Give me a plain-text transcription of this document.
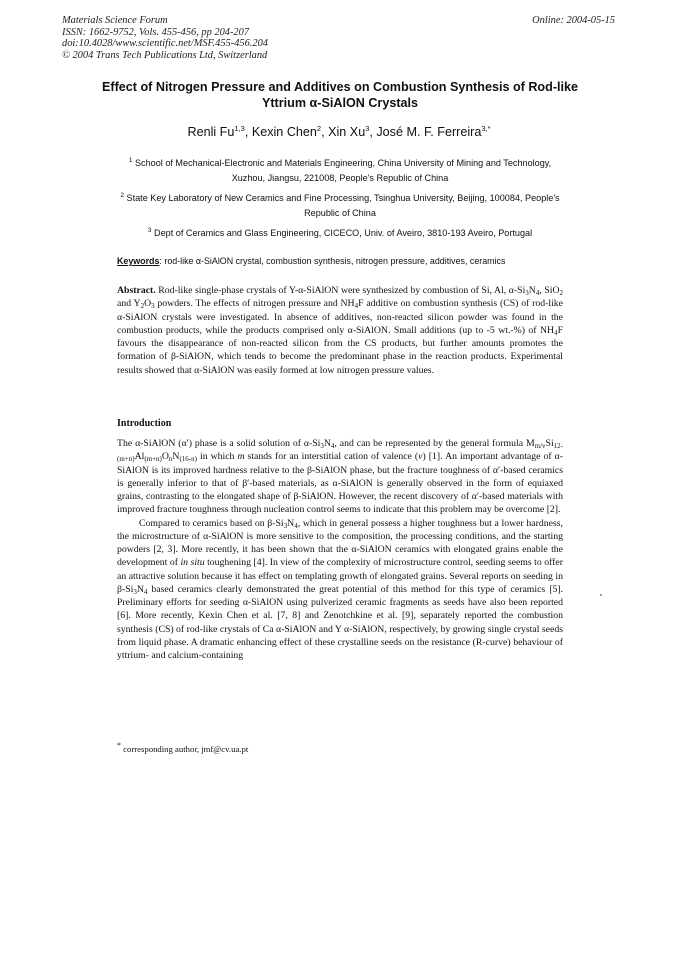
Materials Science Forum
ISSN: 1662-9752, Vols. 455-456, pp 204-207
doi:10.4028/www.scientific.net/MSF.455-456.204
© 2004 Trans Tech Publications Ltd, Switzerland
Online: 2004-05-15
Effect of Nitrogen Pressure and Additives on Combustion Synthesis of Rod-like Yttrium α-SiAlON Crystals
Renli Fu$^{1,3}$, Kexin Chen$^2$, Xin Xu$^3$, José M. F. Ferreira$^{3,*}$
$^1$ School of Mechanical-Electronic and Materials Engineering, China University of Mining and Technology, Xuzhou, Jiangsu, 221008, People's Republic of China
$^2$ State Key Laboratory of New Ceramics and Fine Processing, Tsinghua University, Beijing, 100084, People's Republic of China
$^3$ Dept of Ceramics and Glass Engineering, CICECO, Univ. of Aveiro, 3810-193 Aveiro, Portugal
Keywords: rod-like α-SiAlON crystal, combustion synthesis, nitrogen pressure, additives, ceramics
Abstract. Rod-like single-phase crystals of Y-α-SiAlON were synthesized by combustion of Si, Al, $\alpha-Si_3N_4$, SiO$_2$ and $Y_2O_3$ powders. The effects of nitrogen pressure and $NH_4F$ additive on combustion synthesis (CS) of rod-like α-SiAlON crystals were investigated. In absence of additives, non-reacted silicon powder was found in the combustion products, while the products comprised only α-SiAlON. Small additions (up to -5 wt.-%) of $NH_4F$ favours the disappearance of non-reacted silicon from the CS products, but further amounts promotes the formation of β-SiAlON, which tends to become the predominant phase in the reaction products. Experimental results showed that α-SiAlON was easily formed at low nitrogen pressure values.
Introduction

The α-SiAlON (α′) phase is a solid solution of $\alpha-Si_3N_4$, and can be represented by the general formula $M_{m/v}Si_{12-(m+n)}Al_{(m+n)}O_nN_{(16-n)}$ in which m stands for an interstitial cation of valence (v) [1]. An important advantage of α-SiAlON is its improved hardness relative to the β-SiAlON phase, but the fracture toughness of α′-based ceramics is generally inferior to that of β′-based materials, as α-SiAlON is generally observed in the form of equiaxed grains, contrasting to the elongated shape of β-SiAlON. However, the recent discovery of α′-based materials with improved fracture toughness through nucleation control seems to indicate that this problem may be overcome [2].

Compared to ceramics based on $\beta-Si_3N_4$, which in general possess a higher toughness but a lower hardness, the microstructure of α-SiAlON is more sensitive to the composition, the processing conditions, and the starting powders [2, 3]. More recently, it has been shown that the α-SiAlON ceramics with elongated grains enable the development of in situ toughening [4]. In view of the complexity of microstructure control, seeding seems to offer an attractive solution because it has effect on templating growth of elongated grains. Several reports on seeding in $\beta-Si_3N_4$ based ceramics clearly demonstrated the great potential of this method for this type of ceramics [5]. Preliminary efforts for seeding α-SiAlON using pulverized ceramic fragments as seeds have also been reported [6]. More recently, Kexin Chen et al. [7, 8] and Zenotchkine et al. [9], separately reported the combustion synthesis (CS) of rod-like crystals of Ca α-SiAlON and Y α-SiAlON, respectively, by growing single crystal seeds from liquid phase. A dramatic enhancing effect of these crystalline seeds on the resistance (R-curve) behaviour of yttrium- and calcium-containing

* corresponding author, jmf@cv.ua.pt
